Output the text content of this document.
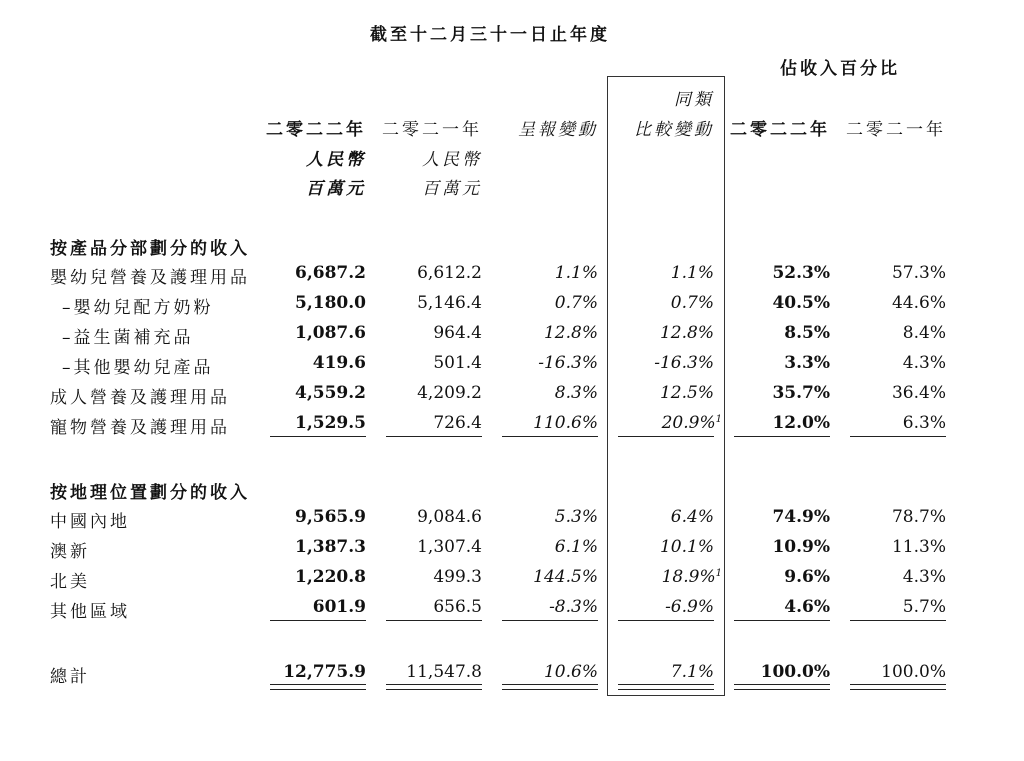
截至十二月三十一日止年度
佔收入百分比
同類
二零二二年 二零二一年 呈報變動 比較變動 二零二二年 二零二一年
人民幣	人民幣
百萬元	百萬元
按產品分部劃分的收入
嬰幼兒營養及護理用品	6,687.2	6,612.2	1.1%	1.1%	52.3%	57.3%
–嬰幼兒配方奶粉	5,180.0	5,146.4	0.7%	0.7%	40.5%	44.6%
–益生菌補充品	1,087.6	964.4	12.8%	12.8%	8.5%	8.4%
–其他嬰幼兒產品	419.6	501.4	-16.3%	-16.3%	3.3%	4.3%
成人營養及護理用品	4,559.2	4,209.2	8.3%	12.5%	35.7%	36.4%
寵物營養及護理用品	1,529.5	726.4	110.6%	20.9%$^1$	12.0%	6.3%
按地理位置劃分的收入
中國內地	9,565.9	9,084.6	5.3%	6.4%	74.9%	78.7%
澳新	1,387.3	1,307.4	6.1%	10.1%	10.9%	11.3%
北美	1,220.8	499.3	144.5%	18.9%$^1$	9.6%	4.3%
其他區域	601.9	656.5	-8.3%	-6.9%	4.6%	5.7%
總計	12,775.9 11,547.8	10.6%	7.1%	100.0%	100.0%
